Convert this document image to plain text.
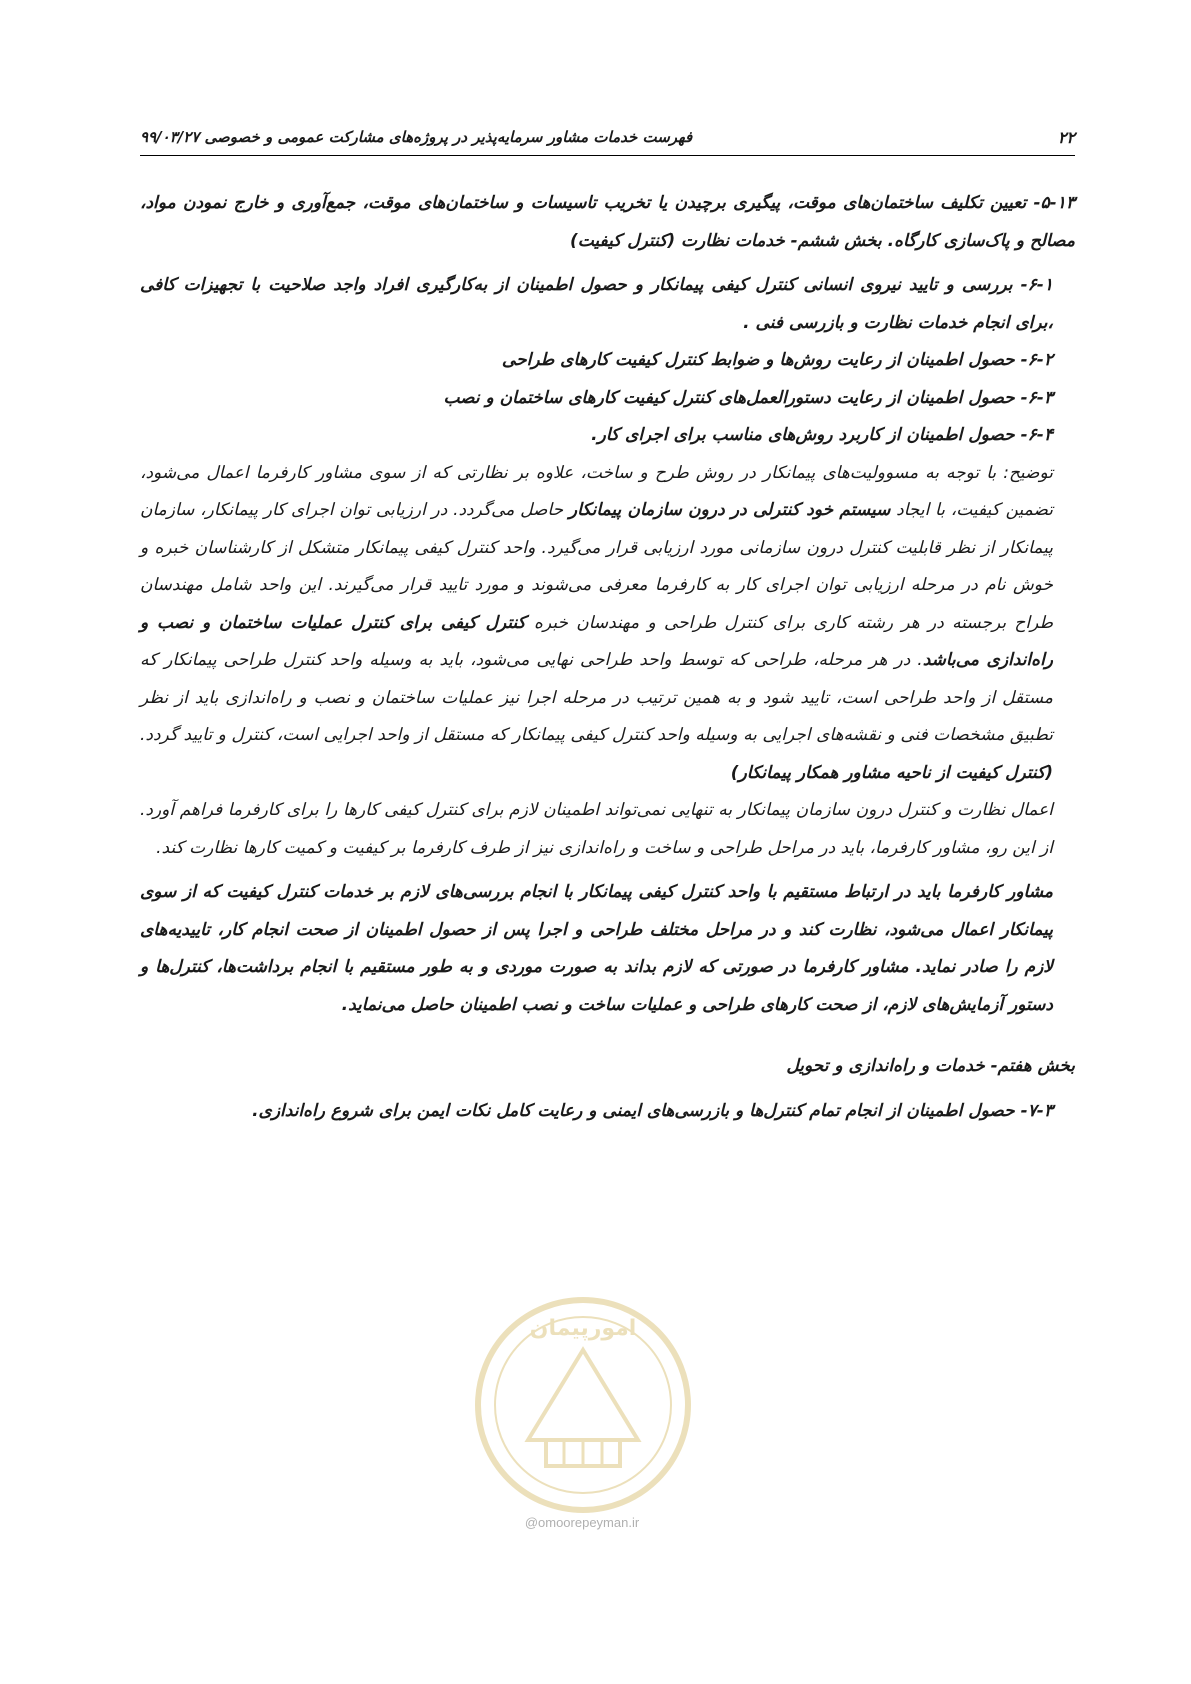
۲۲
فهرست خدمات مشاور سرمایه‌پذیر در پروژه‌های مشارکت عمومی و خصوصی ۹۹/۰۳/۲۷
امورپیمان
@omoorepeyman.ir

۵-۱۳- تعیین تکلیف ساختمان‌های موقت، پیگیری برچیدن یا تخریب تاسیسات و ساختمان‌های موقت، جمع‌آوری و خارج نمودن مواد، مصالح و پاک‌سازی کارگاه. بخش ششم- خدمات نظارت (کنترل کیفیت)

۶-۱- بررسی و تایید نیروی انسانی کنترل کیفی پیمانکار و حصول اطمینان از به‌کارگیری افراد واجد صلاحیت با تجهیزات کافی ،برای انجام خدمات نظارت و بازرسی فنی .

۶-۲- حصول اطمینان از رعایت روش‌ها و ضوابط کنترل کیفیت کارهای طراحی

۶-۳- حصول اطمینان از رعایت دستورالعمل‌های کنترل کیفیت کارهای ساختمان و نصب

۶-۴- حصول اطمینان از کاربرد روش‌های مناسب برای اجرای کار.

توضیح: با توجه به مسوولیت‌های پیمانکار در روش طرح و ساخت، علاوه بر نظارتی که از سوی مشاور کارفرما اعمال می‌شود، تضمین کیفیت، با ایجاد سیستم خود کنترلی در درون سازمان پیمانکار حاصل می‌گردد. در ارزیابی توان اجرای کار پیمانکار، سازمان پیمانکار از نظر قابلیت کنترل درون سازمانی مورد ارزیابی قرار می‌گیرد. واحد کنترل کیفی پیمانکار متشکل از کارشناسان خبره و خوش نام در مرحله ارزیابی توان اجرای کار به کارفرما معرفی می‌شوند و مورد تایید قرار می‌گیرند. این واحد شامل مهندسان طراح برجسته در هر رشته کاری برای کنترل طراحی و مهندسان خبره کنترل کیفی برای کنترل عملیات ساختمان و نصب و راه‌اندازی می‌باشد. در هر مرحله، طراحی که توسط واحد طراحی نهایی می‌شود، باید به وسیله واحد کنترل طراحی پیمانکار که مستقل از واحد طراحی است، تایید شود و به همین ترتیب در مرحله اجرا نیز عملیات ساختمان و نصب و راه‌اندازی باید از نظر تطبیق مشخصات فنی و نقشه‌های اجرایی به وسیله واحد کنترل کیفی پیمانکار که مستقل از واحد اجرایی است، کنترل و تایید گردد. (کنترل کیفیت از ناحیه مشاور همکار پیمانکار)

اعمال نظارت و کنترل درون سازمان پیمانکار به تنهایی نمی‌تواند اطمینان لازم برای کنترل کیفی کارها را برای کارفرما فراهم آورد. از این رو، مشاور کارفرما، باید در مراحل طراحی و ساخت و راه‌اندازی نیز از طرف کارفرما بر کیفیت و کمیت کارها نظارت کند.

مشاور کارفرما باید در ارتباط مستقیم با واحد کنترل کیفی پیمانکار با انجام بررسی‌های لازم بر خدمات کنترل کیفیت که از سوی پیمانکار اعمال می‌شود، نظارت کند و در مراحل مختلف طراحی و اجرا پس از حصول اطمینان از صحت انجام کار، تاییدیه‌های لازم را صادر نماید. مشاور کارفرما در صورتی که لازم بداند به صورت موردی و به طور مستقیم با انجام برداشت‌ها، کنترل‌ها و دستور آزمایش‌های لازم، از صحت کارهای طراحی و عملیات ساخت و نصب اطمینان حاصل می‌نماید.

بخش هفتم- خدمات و راه‌اندازی و تحویل

۷-۳- حصول اطمینان از انجام تمام کنترل‌ها و بازرسی‌های ایمنی و رعایت کامل نکات ایمن برای شروع راه‌اندازی.
